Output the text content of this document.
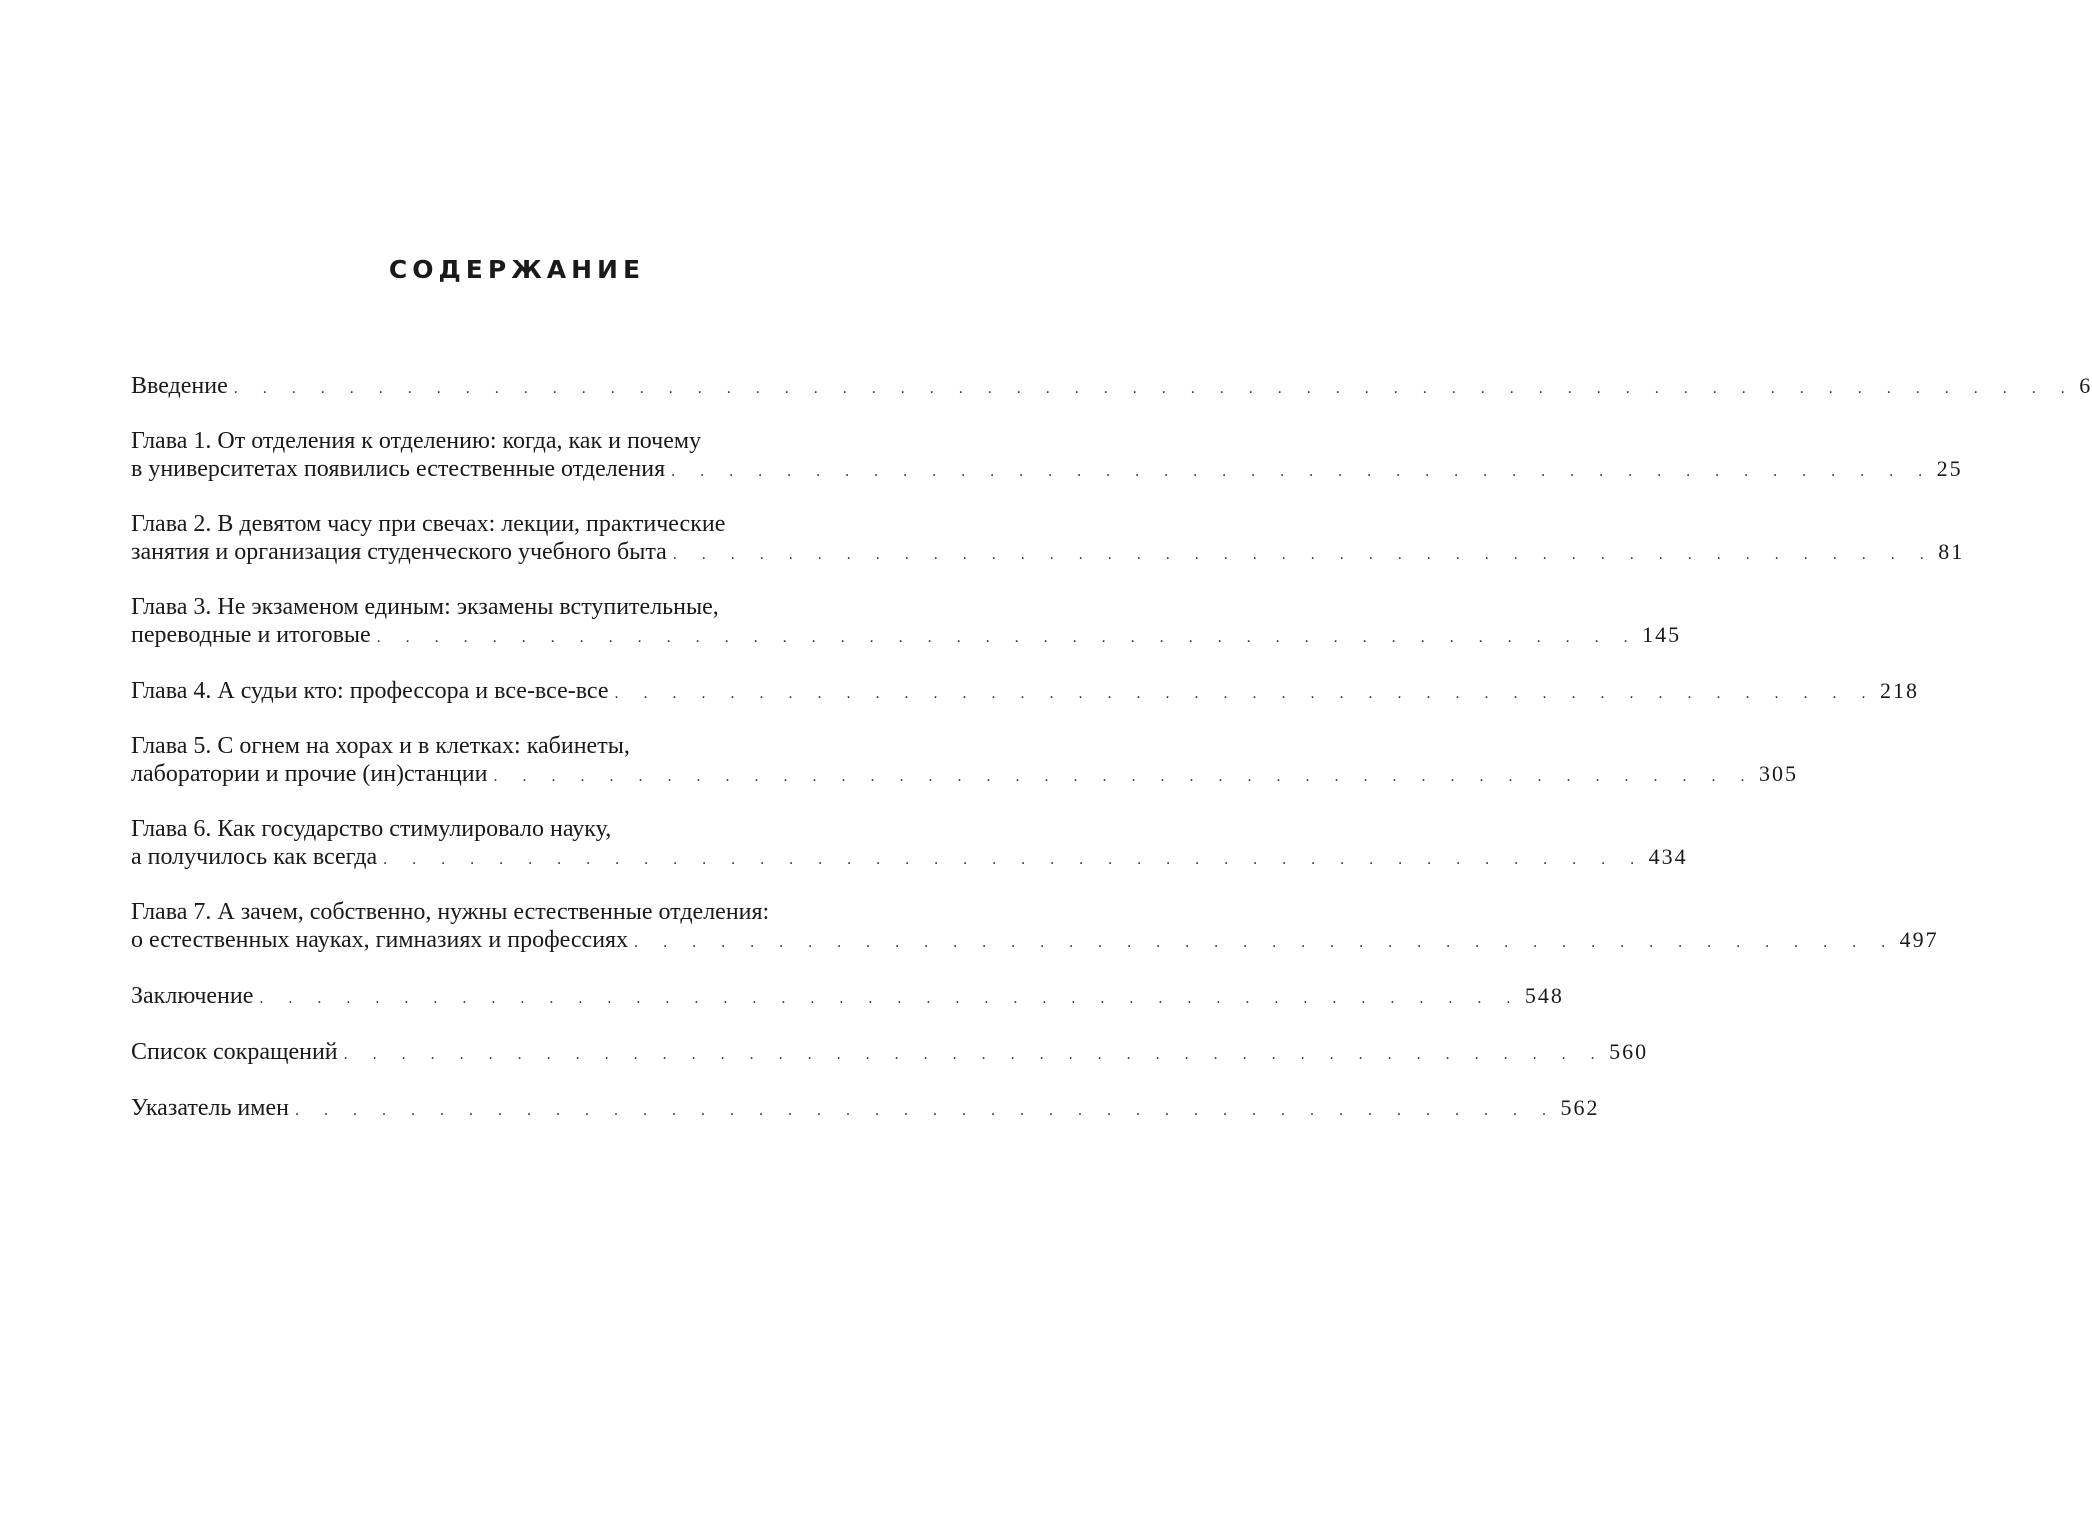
СОДЕРЖАНИЕ
Введение . . . . . . . . . . . . . . . . . . . . . . . . . . . . . . . . . . . . . . . . . . . . . . . . . . . . . . . . . . . . . . . . 6
Глава 1. От отделения к отделению: когда, как и почему
в университетах появились естественные отделения . . . . . . . . . . . . . . . . . . . . . . . . . . . . . . . . . . . . . . . . . . . . 25
Глава 2. В девятом часу при свечах: лекции, практические
занятия и организация студенческого учебного быта . . . . . . . . . . . . . . . . . . . . . . . . . . . . . . . . . . . . . . . . . . . . 81
Глава 3. Не экзаменом единым: экзамены вступительные,
переводные и итоговые . . . . . . . . . . . . . . . . . . . . . . . . . . . . . . . . . . . . . . . . . . . . 145
Глава 4. А судьи кто: профессора и все-все-все . . . . . . . . . . . . . . . . . . . . . . . . . . . . . . . . . . . . . . . . . . . . 218
Глава 5. С огнем на хорах и в клетках: кабинеты,
лаборатории и прочие (ин)станции . . . . . . . . . . . . . . . . . . . . . . . . . . . . . . . . . . . . . . . . . . . . 305
Глава 6. Как государство стимулировало науку,
а получилось как всегда . . . . . . . . . . . . . . . . . . . . . . . . . . . . . . . . . . . . . . . . . . . . 434
Глава 7. А зачем, собственно, нужны естественные отделения:
о естественных науках, гимназиях и профессиях . . . . . . . . . . . . . . . . . . . . . . . . . . . . . . . . . . . . . . . . . . . . 497
Заключение . . . . . . . . . . . . . . . . . . . . . . . . . . . . . . . . . . . . . . . . . . . . 548
Список сокращений . . . . . . . . . . . . . . . . . . . . . . . . . . . . . . . . . . . . . . . . . . . . 560
Указатель имен . . . . . . . . . . . . . . . . . . . . . . . . . . . . . . . . . . . . . . . . . . . . 562
